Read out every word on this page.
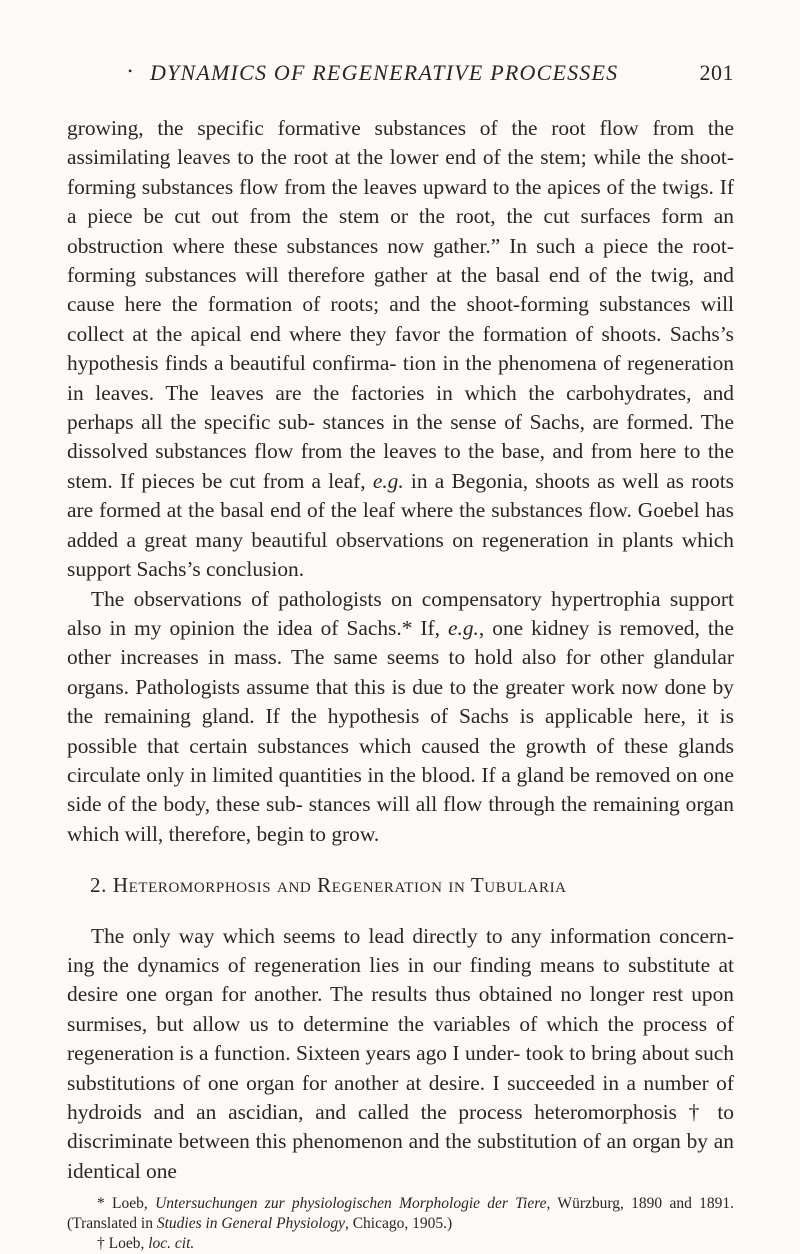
• DYNAMICS OF REGENERATIVE PROCESSES	201

growing, the specific formative substances of the root flow from the assimilating leaves to the root at the lower end of the stem; while the shoot-forming substances flow from the leaves upward to the apices of the twigs. If a piece be cut out from the stem or the root, the cut surfaces form an obstruction where these substances now gather.” In such a piece the root-forming substances will therefore gather at the basal end of the twig, and cause here the formation of roots; and the shoot-forming substances will collect at the apical end where they favor the formation of shoots. Sachs’s hypothesis finds a beautiful confirma- tion in the phenomena of regeneration in leaves. The leaves are the factories in which the carbohydrates, and perhaps all the specific sub- stances in the sense of Sachs, are formed. The dissolved substances flow from the leaves to the base, and from here to the stem. If pieces be cut from a leaf, e.g. in a Begonia, shoots as well as roots are formed at the basal end of the leaf where the substances flow. Goebel has added a great many beautiful observations on regeneration in plants which support Sachs’s conclusion.

The observations of pathologists on compensatory hypertrophia support also in my opinion the idea of Sachs.* If, e.g., one kidney is removed, the other increases in mass. The same seems to hold also for other glandular organs. Pathologists assume that this is due to the greater work now done by the remaining gland. If the hypothesis of Sachs is applicable here, it is possible that certain substances which caused the growth of these glands circulate only in limited quantities in the blood. If a gland be removed on one side of the body, these sub- stances will all flow through the remaining organ which will, therefore, begin to grow.

2. Heteromorphosis and Regeneration in Tubularia

The only way which seems to lead directly to any information concern- ing the dynamics of regeneration lies in our finding means to substitute at desire one organ for another. The results thus obtained no longer rest upon surmises, but allow us to determine the variables of which the process of regeneration is a function. Sixteen years ago I under- took to bring about such substitutions of one organ for another at desire. I succeeded in a number of hydroids and an ascidian, and called the process heteromorphosis † to discriminate between this phenomenon and the substitution of an organ by an identical one

* Loeb, Untersuchungen zur physiologischen Morphologie der Tiere, Würzburg, 1890 and 1891. (Translated in Studies in General Physiology, Chicago, 1905.)

† Loeb, loc. cit.
